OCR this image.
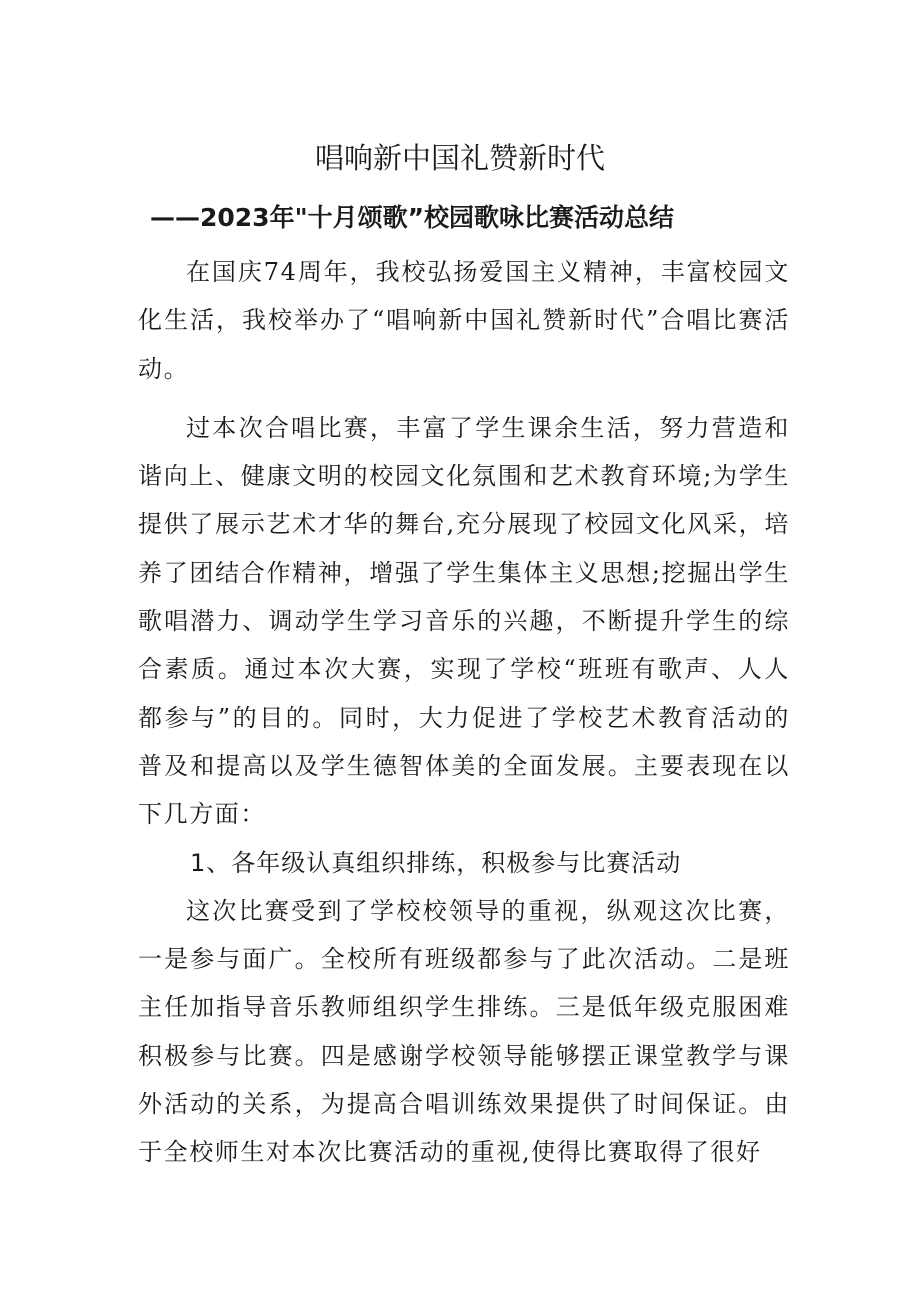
唱响新中国礼赞新时代
——2023年"十月颂歌”校园歌咏比赛活动总结

在国庆74周年，我校弘扬爱国主义精神，丰富校园文化生活，我校举办了“唱响新中国礼赞新时代”合唱比赛活动。

过本次合唱比赛，丰富了学生课余生活，努力营造和谐向上、健康文明的校园文化氛围和艺术教育环境;为学生提供了展示艺术才华的舞台,充分展现了校园文化风采，培养了团结合作精神，增强了学生集体主义思想;挖掘出学生歌唱潜力、调动学生学习音乐的兴趣，不断提升学生的综合素质。通过本次大赛，实现了学校“班班有歌声、人人都参与”的目的。同时，大力促进了学校艺术教育活动的普及和提高以及学生德智体美的全面发展。主要表现在以下几方面：

1、各年级认真组织排练，积极参与比赛活动

这次比赛受到了学校校领导的重视，纵观这次比赛，一是参与面广。全校所有班级都参与了此次活动。二是班主任加指导音乐教师组织学生排练。三是低年级克服困难积极参与比赛。四是感谢学校领导能够摆正课堂教学与课外活动的关系，为提高合唱训练效果提供了时间保证。由于全校师生对本次比赛活动的重视,使得比赛取得了很好
